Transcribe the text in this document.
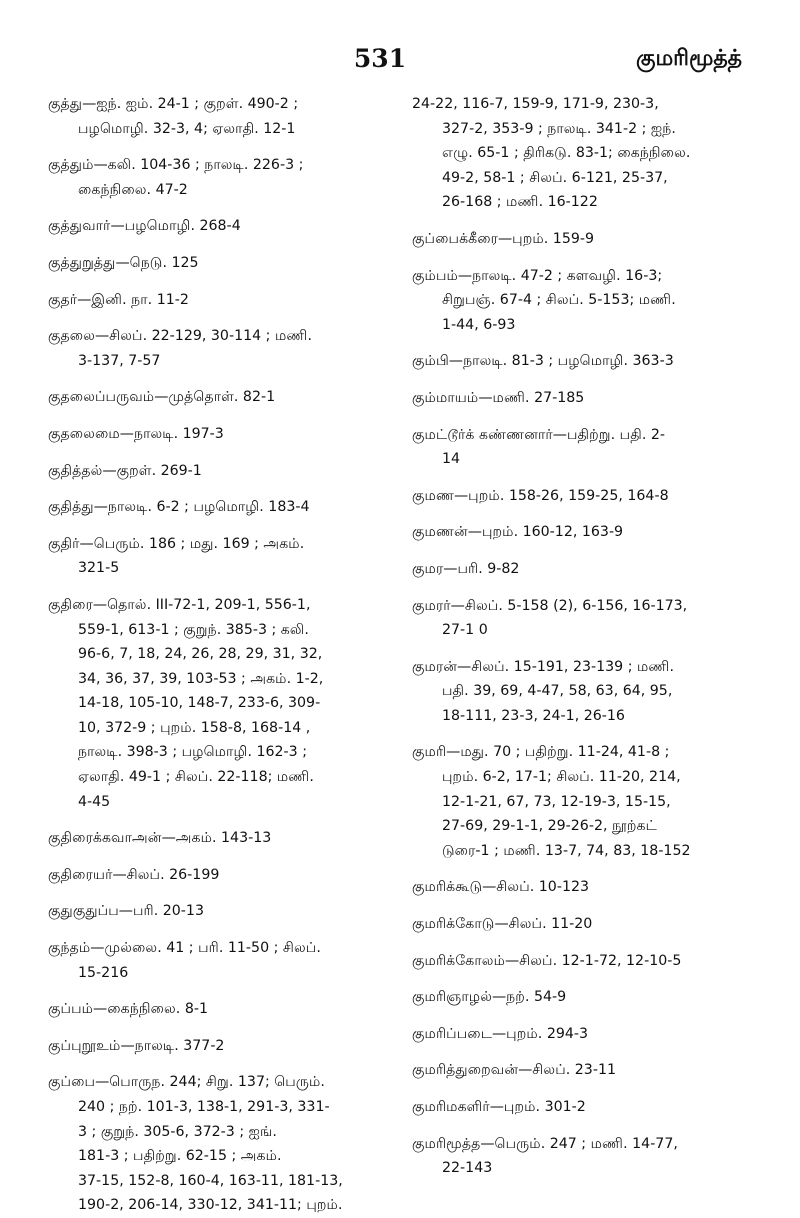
531	குமரிமூத்த்
குத்து—ஐந். ஐம். 24-1 ; குறள். 490-2 ;
பழமொழி. 32-3, 4; ஏலாதி. 12-1
குத்தும்—கலி. 104-36 ; நாலடி. 226-3 ;
கைந்நிலை. 47-2
குத்துவார்—பழமொழி. 268-4
குத்துறுத்து—நெடு. 125
குதர்—இனி. நா. 11-2
குதலை—சிலப். 22-129, 30-114 ; மணி.
3-137, 7-57
குதலைப்பருவம்—முத்தொள். 82-1
குதலைமை—நாலடி. 197-3
குதித்தல்—குறள். 269-1
குதித்து—நாலடி. 6-2 ; பழமொழி. 183-4
குதிர்—பெரும். 186 ; மது. 169 ; அகம்.
321-5
குதிரை—தொல். III-72-1, 209-1, 556-1,
559-1, 613-1 ; குறுந். 385-3 ; கலி.
96-6, 7, 18, 24, 26, 28, 29, 31, 32,
34, 36, 37, 39, 103-53 ; அகம். 1-2,
14-18, 105-10, 148-7, 233-6, 309-
10, 372-9 ; புறம். 158-8, 168-14 ,
நாலடி. 398-3 ; பழமொழி. 162-3 ;
ஏலாதி. 49-1 ; சிலப். 22-118; மணி.
4-45
குதிரைக்கவாஅன்—அகம். 143-13
குதிரையர்—சிலப். 26-199
குதுகுதுப்ப—பரி. 20-13
குந்தம்—முல்லை. 41 ; பரி. 11-50 ; சிலப்.
15-216
குப்பம்—கைந்நிலை. 8-1
குப்புறூஉம்—நாலடி. 377-2
குப்பை—பொருந. 244; சிறு. 137; பெரும்.
240 ; நற். 101-3, 138-1, 291-3, 331-
3 ; குறுந். 305-6, 372-3 ; ஐங்.
181-3 ; பதிற்று. 62-15 ; அகம்.
37-15, 152-8, 160-4, 163-11, 181-13,
190-2, 206-14, 330-12, 341-11; புறம்.
24-22, 116-7, 159-9, 171-9, 230-3,
327-2, 353-9 ; நாலடி. 341-2 ; ஐந்.
எழு. 65-1 ; திரிகடு. 83-1; கைந்நிலை.
49-2, 58-1 ; சிலப். 6-121, 25-37,
26-168 ; மணி. 16-122
குப்பைக்கீரை—புறம். 159-9
கும்பம்—நாலடி. 47-2 ; களவழி. 16-3;
சிறுபஞ். 67-4 ; சிலப். 5-153; மணி.
1-44, 6-93
கும்பி—நாலடி. 81-3 ; பழமொழி. 363-3
கும்மாயம்—மணி. 27-185
குமட்டூர்க் கண்ணனார்—பதிற்று. பதி. 2-
14
குமண—புறம். 158-26, 159-25, 164-8
குமணன்—புறம். 160-12, 163-9
குமர—பரி. 9-82
குமரர்—சிலப். 5-158 (2), 6-156, 16-173,
27-1 0
குமரன்—சிலப். 15-191, 23-139 ; மணி.
பதி. 39, 69, 4-47, 58, 63, 64, 95,
18-111, 23-3, 24-1, 26-16
குமரி—மது. 70 ; பதிற்று. 11-24, 41-8 ;
புறம். 6-2, 17-1; சிலப். 11-20, 214,
12-1-21, 67, 73, 12-19-3, 15-15,
27-69, 29-1-1, 29-26-2, நூற்கட்
டுரை-1 ; மணி. 13-7, 74, 83, 18-152
குமரிக்கூடு—சிலப். 10-123
குமரிக்கோடு—சிலப். 11-20
குமரிக்கோலம்—சிலப். 12-1-72, 12-10-5
குமரிஞாழல்—நற். 54-9
குமரிப்படை—புறம். 294-3
குமரித்துறைவன்—சிலப். 23-11
குமரிமகளிர்—புறம். 301-2
குமரிமூத்த—பெரும். 247 ; மணி. 14-77,
22-143
